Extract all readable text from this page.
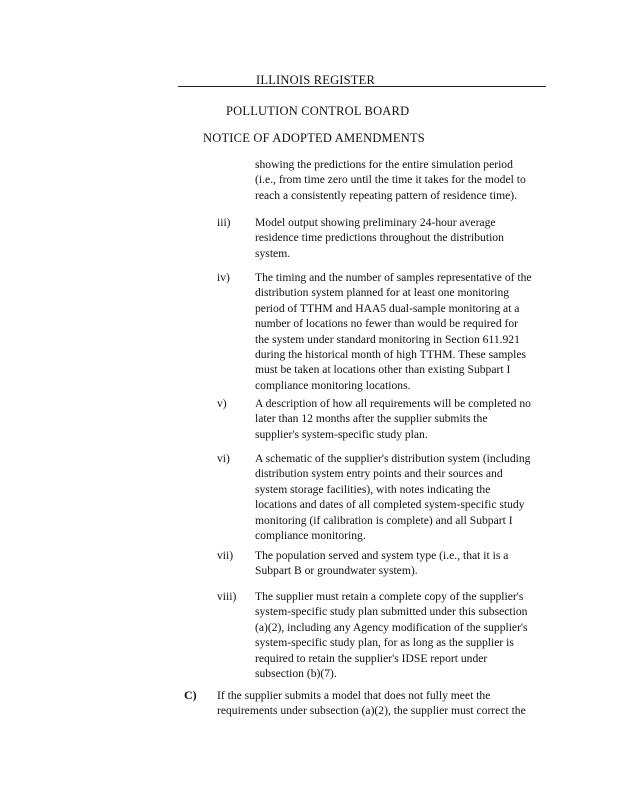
ILLINOIS REGISTER
POLLUTION CONTROL BOARD
NOTICE OF ADOPTED AMENDMENTS
showing the predictions for the entire simulation period
(i.e., from time zero until the time it takes for the model to
reach a consistently repeating pattern of residence time).
iii) Model output showing preliminary 24-hour average
residence time predictions throughout the distribution
system.
iv) The timing and the number of samples representative of the
distribution system planned for at least one monitoring
period of TTHM and HAA5 dual-sample monitoring at a
number of locations no fewer than would be required for
the system under standard monitoring in Section 611.921
during the historical month of high TTHM. These samples
must be taken at locations other than existing Subpart I
compliance monitoring locations.
v) A description of how all requirements will be completed no
later than 12 months after the supplier submits the
supplier's system-specific study plan.
vi) A schematic of the supplier's distribution system (including
distribution system entry points and their sources and
system storage facilities), with notes indicating the
locations and dates of all completed system-specific study
monitoring (if calibration is complete) and all Subpart I
compliance monitoring.
vii) The population served and system type (i.e., that it is a
Subpart B or groundwater system).
viii) The supplier must retain a complete copy of the supplier's
system-specific study plan submitted under this subsection
(a)(2), including any Agency modification of the supplier's
system-specific study plan, for as long as the supplier is
required to retain the supplier's IDSE report under
subsection (b)(7).
C) If the supplier submits a model that does not fully meet the
requirements under subsection (a)(2), the supplier must correct the
